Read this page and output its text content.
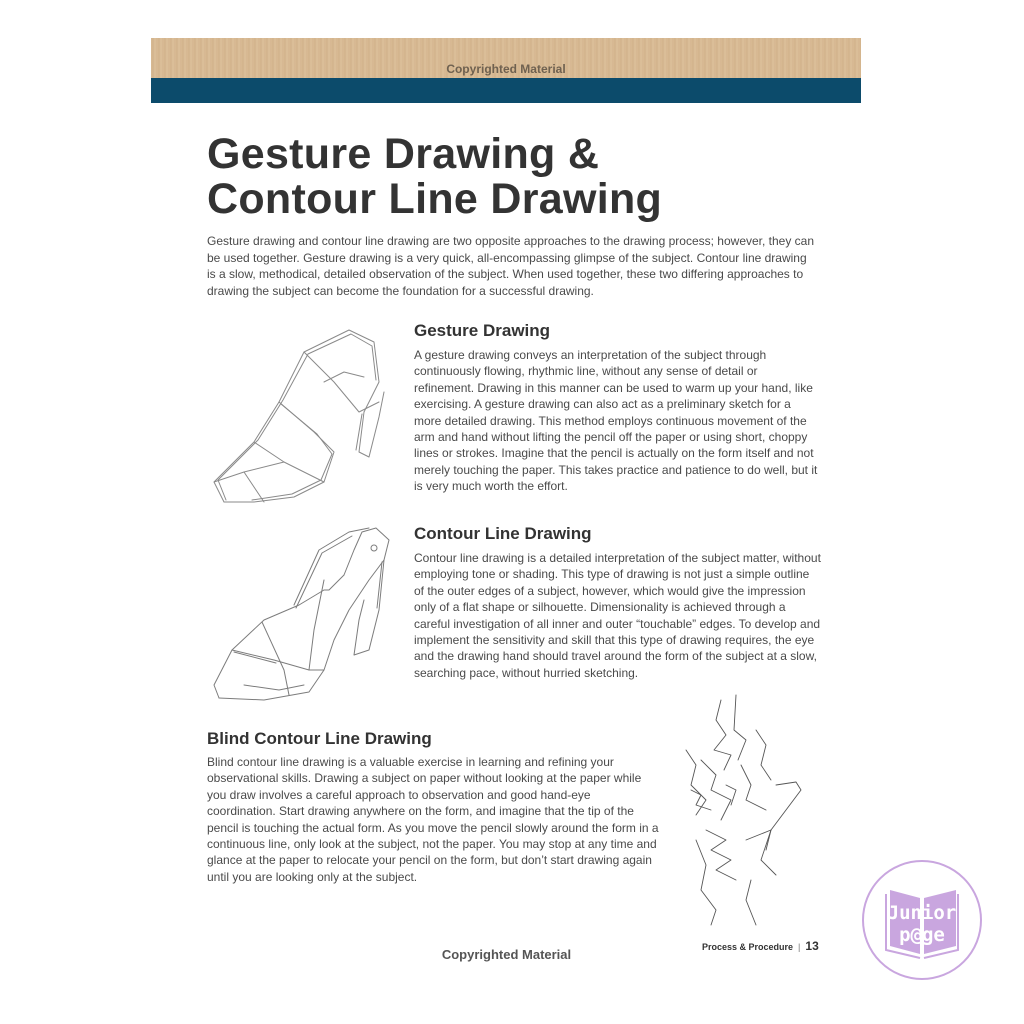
Copyrighted Material
Gesture Drawing &
Contour Line Drawing
Gesture drawing and contour line drawing are two opposite approaches to the drawing process; however, they can be used together. Gesture drawing is a very quick, all-encompassing glimpse of the subject. Contour line drawing is a slow, methodical, detailed observation of the subject. When used together, these two differing approaches to drawing the subject can become the foundation for a successful drawing.
Gesture Drawing
A gesture drawing conveys an interpretation of the subject through continuously flowing, rhythmic line, without any sense of detail or refinement. Drawing in this manner can be used to warm up your hand, like exercising. A gesture drawing can also act as a preliminary sketch for a more detailed drawing. This method employs continuous movement of the arm and hand without lifting the pencil off the paper or using short, choppy lines or strokes. Imagine that the pencil is actually on the form itself and not merely touching the paper. This takes practice and patience to do well, but it is very much worth the effort.
Contour Line Drawing
Contour line drawing is a detailed interpretation of the subject matter, without employing tone or shading. This type of drawing is not just a simple outline of the outer edges of a subject, however, which would give the impression only of a flat shape or silhouette. Dimensionality is achieved through a careful investigation of all inner and outer “touchable” edges. To develop and implement the sensitivity and skill that this type of drawing requires, the eye and the drawing hand should travel around the form of the subject at a slow, searching pace, without hurried sketching.
Blind Contour Line Drawing
Blind contour line drawing is a valuable exercise in learning and refining your observational skills. Drawing a subject on paper without looking at the paper while you draw involves a careful approach to observation and good hand-eye coordination. Start drawing anywhere on the form, and imagine that the tip of the pencil is touching the actual form. As you move the pencil slowly around the form in a continuous line, only look at the subject, not the paper. You may stop at any time and glance at the paper to relocate your pencil on the form, but don’t start drawing again until you are looking only at the subject.
Copyrighted Material	Process & Procedure | 13
Junior
p@ge
